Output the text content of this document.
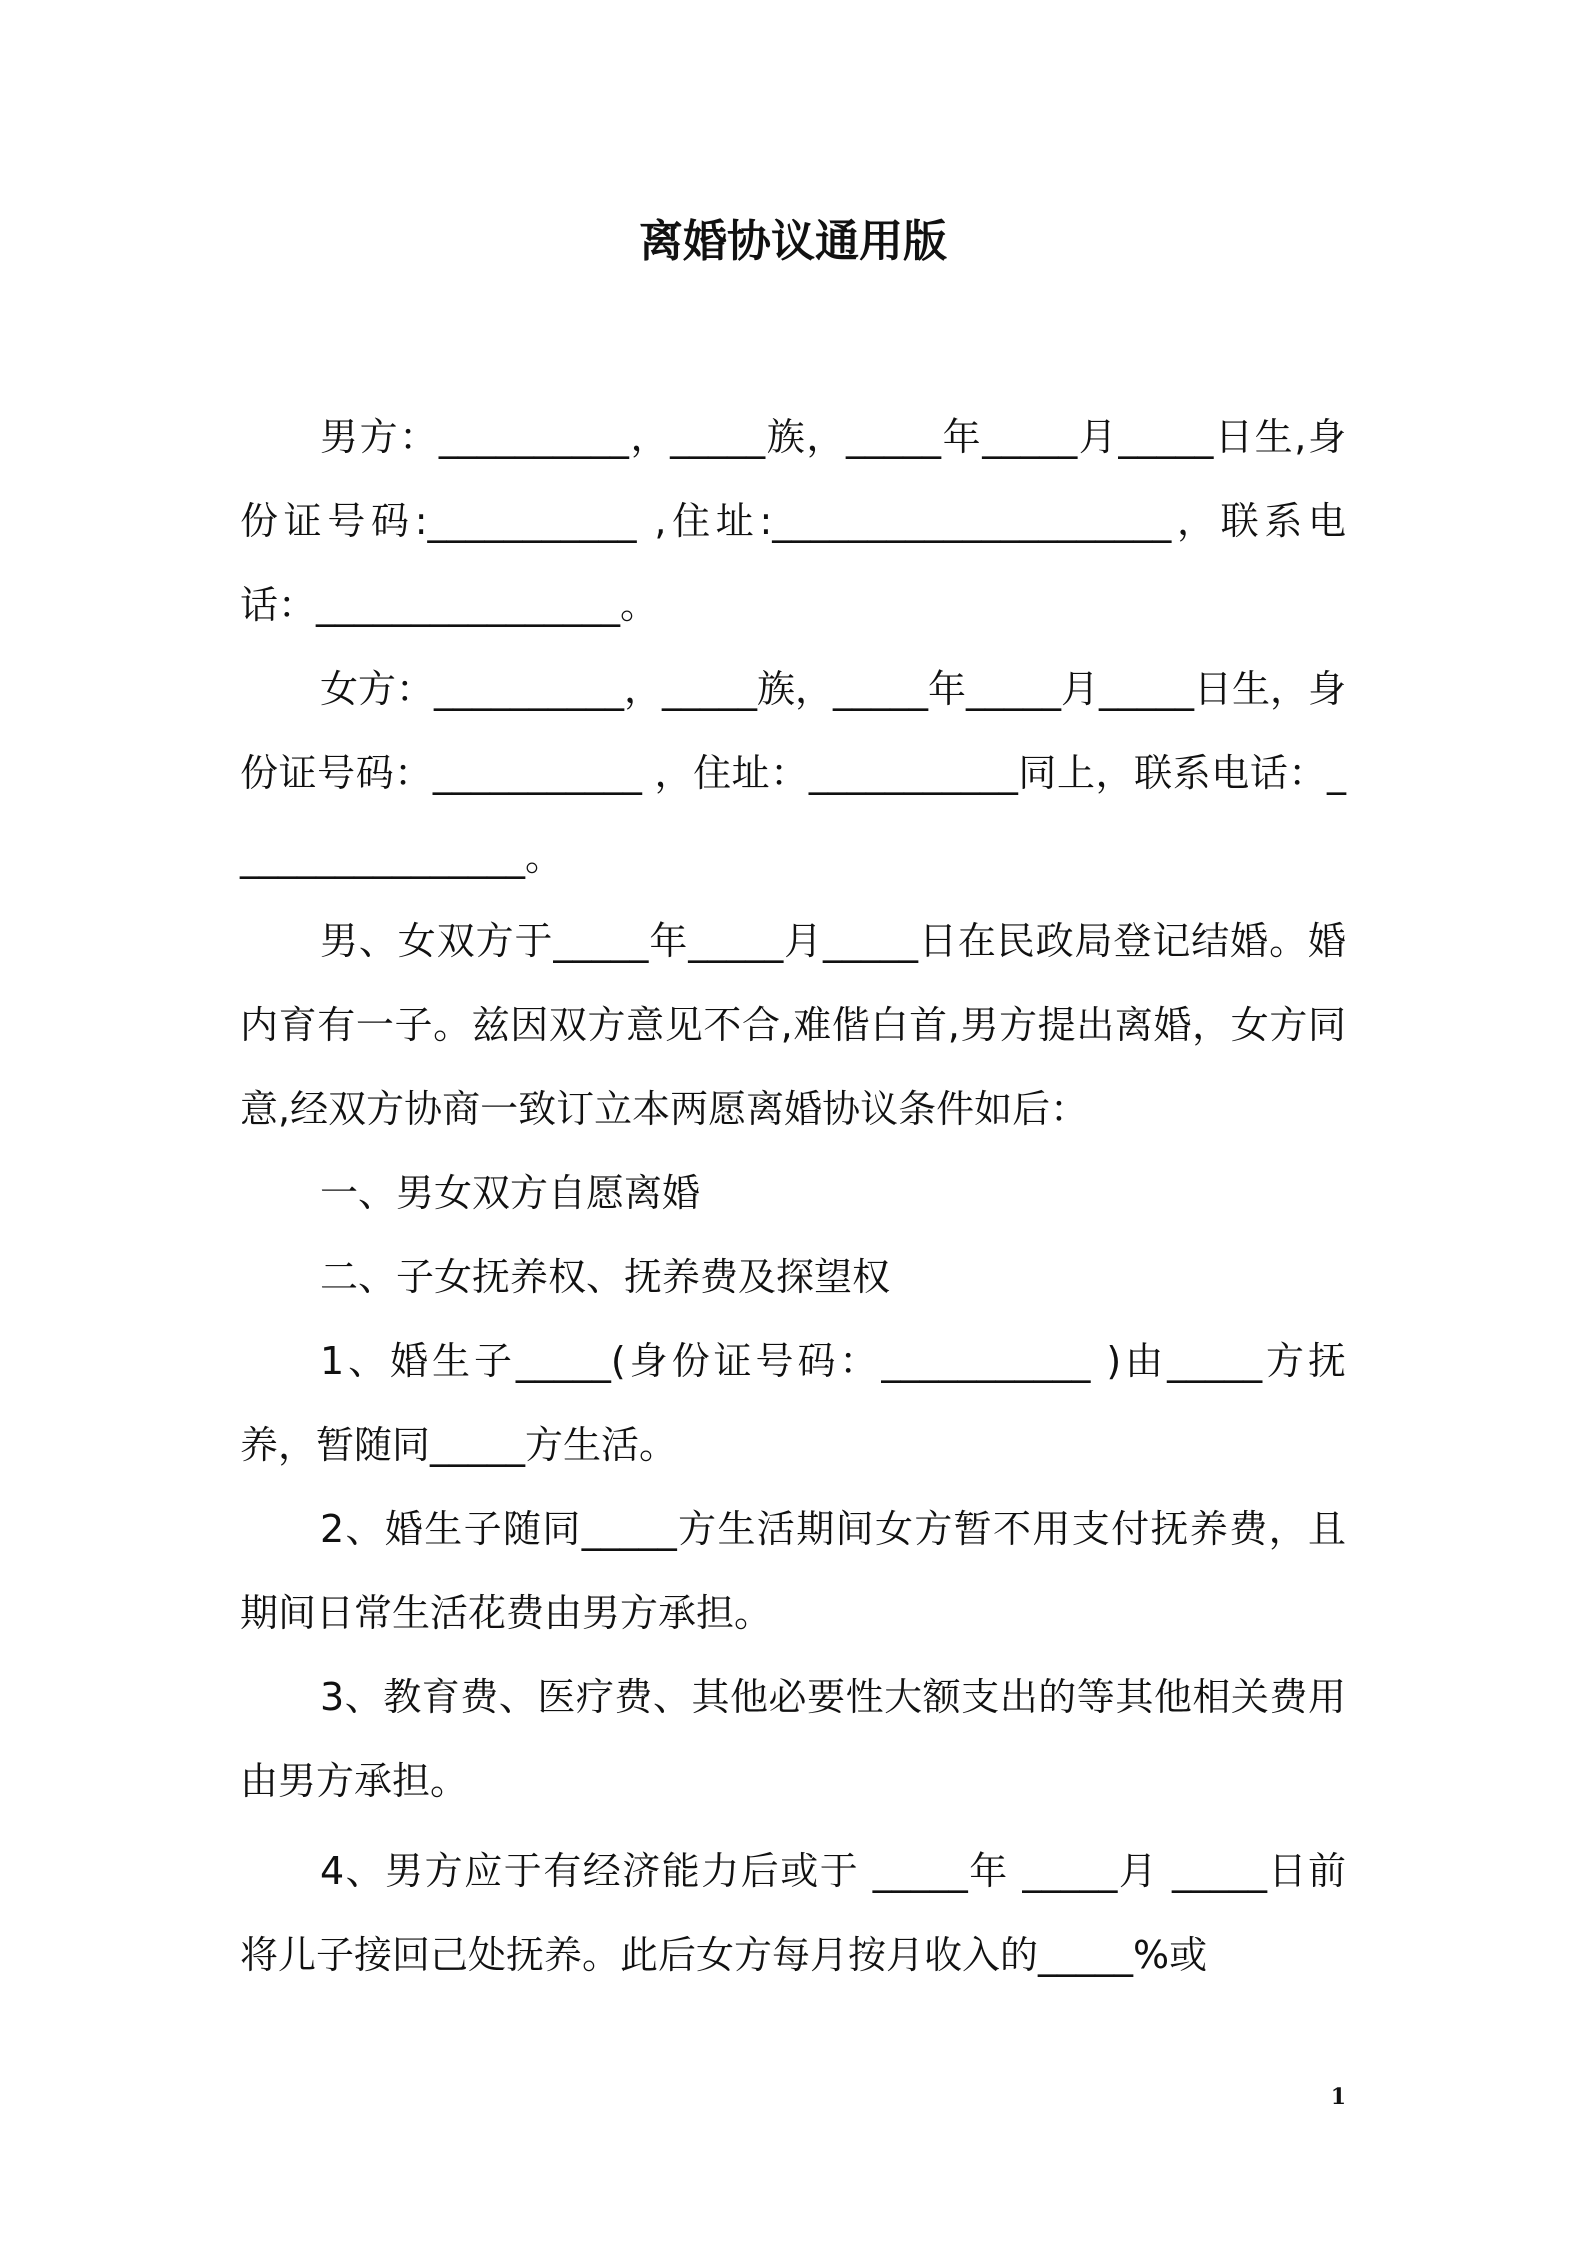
离婚协议通用版

男方：__________，_____族，_____年_____月_____日生,身份证号码:___________ ,住址:_____________________，联系电话：________________。

女方：__________，_____族，_____年_____月_____日生，身份证号码：___________ ，住址：___________同上，联系电话：________________。

男、女双方于_____年_____月_____日在民政局登记结婚。婚内育有一子。兹因双方意见不合,难偕白首,男方提出离婚，女方同意,经双方协商一致订立本两愿离婚协议条件如后：

一、男女双方自愿离婚

二、子女抚养权、抚养费及探望权

1、婚生子_____(身份证号码：___________ )由_____方抚养，暂随同_____方生活。

2、婚生子随同_____方生活期间女方暂不用支付抚养费，且期间日常生活花费由男方承担。

3、教育费、医疗费、其他必要性大额支出的等其他相关费用由男方承担。

4、男方应于有经济能力后或于 _____年 _____月 _____日前将儿子接回己处抚养。此后女方每月按月收入的_____%或

1
